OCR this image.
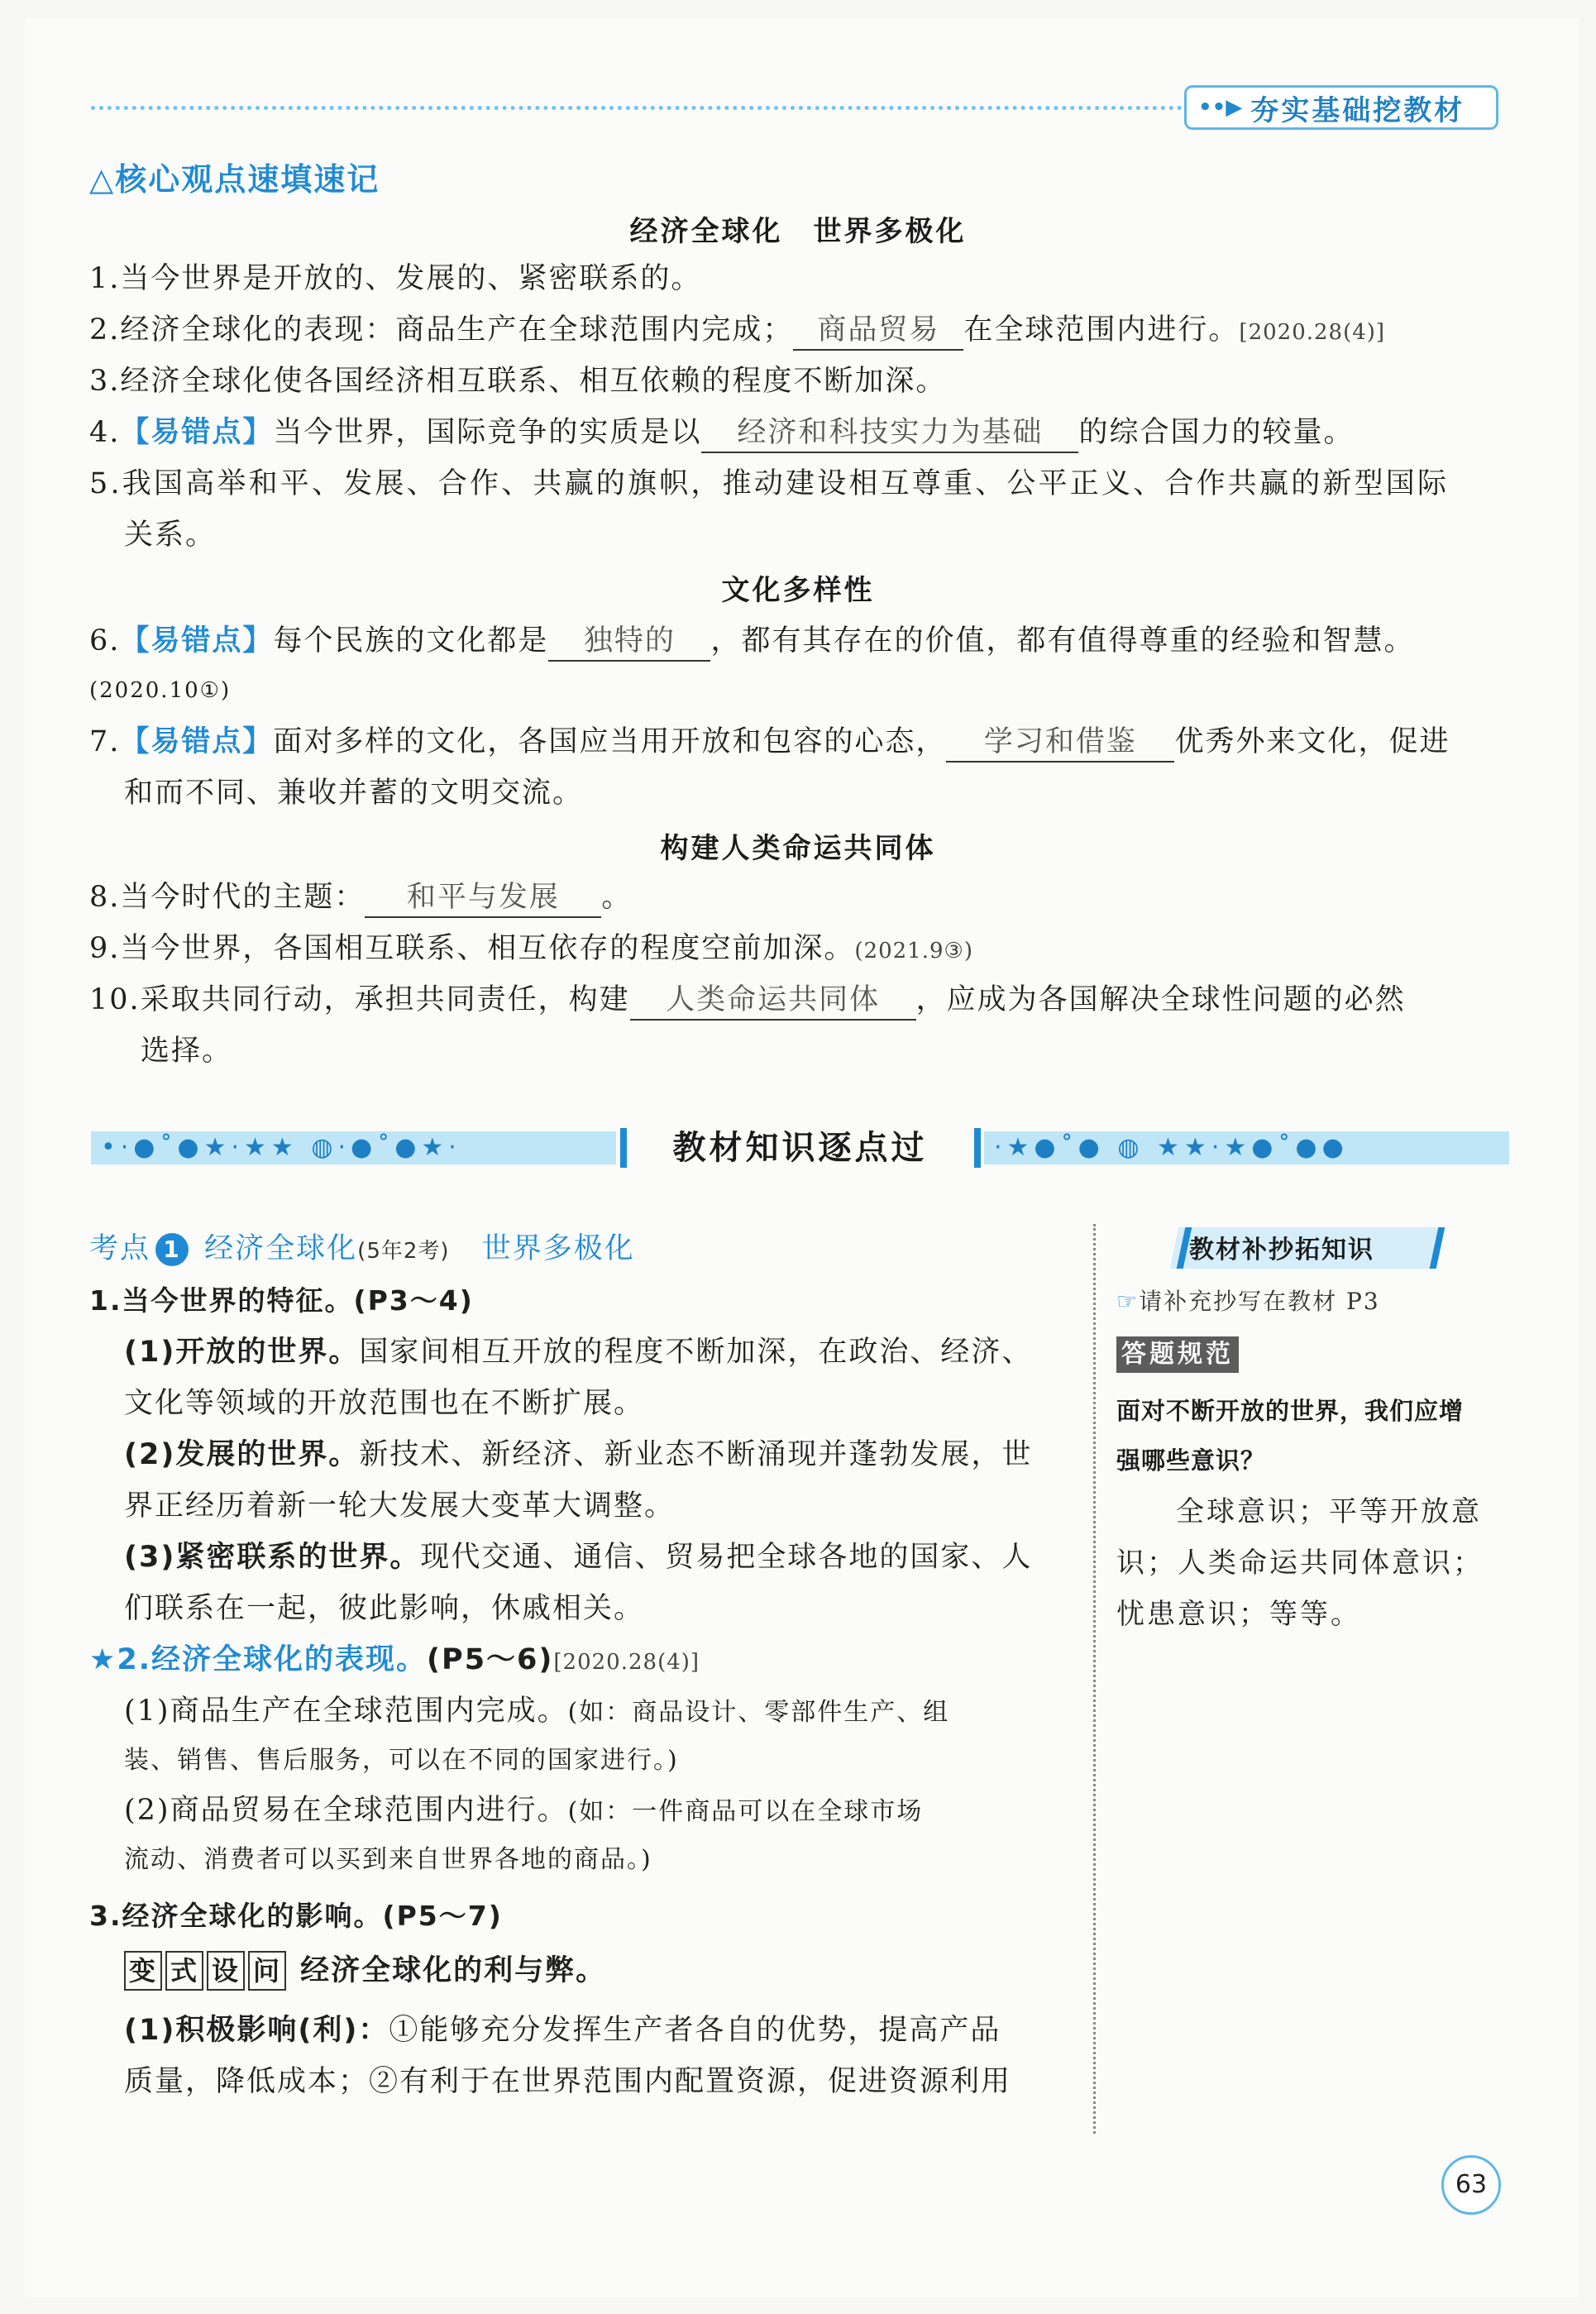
••▶ 夯实基础挖教材
△核心观点速填速记
经济全球化　世界多极化
1.当今世界是开放的、发展的、紧密联系的。
2.经济全球化的表现：商品生产在全球范围内完成； 商品贸易 在全球范围内进行。[2020.28(4)]
3.经济全球化使各国经济相互联系、相互依赖的程度不断加深。
4.【易错点】当今世界，国际竞争的实质是以 经济和科技实力为基础 的综合国力的较量。
5.我国高举和平、发展、合作、共赢的旗帜，推动建设相互尊重、公平正义、合作共赢的新型国际
关系。
文化多样性
6.【易错点】每个民族的文化都是 独特的 ，都有其存在的价值，都有值得尊重的经验和智慧。
(2020.10①)
7.【易错点】面对多样的文化，各国应当用开放和包容的心态， 学习和借鉴 优秀外来文化，促进
和而不同、兼收并蓄的文明交流。
构建人类命运共同体
8.当今时代的主题： 和平与发展 。
9.当今世界，各国相互联系、相互依存的程度空前加深。(2021.9③)
10.采取共同行动，承担共同责任，构建 人类命运共同体 ，应成为各国解决全球性问题的必然
选择。
•·●˚●★·★★ ◍·●˚●★·	教材知识逐点过	·★●˚● ◍ ★★·★●˚●●
考点 1 经济全球化(5年2考) 世界多极化
1.当今世界的特征。(P3～4)
(1)开放的世界。国家间相互开放的程度不断加深，在政治、经济、
文化等领域的开放范围也在不断扩展。
(2)发展的世界。新技术、新经济、新业态不断涌现并蓬勃发展，世
界正经历着新一轮大发展大变革大调整。
(3)紧密联系的世界。现代交通、通信、贸易把全球各地的国家、人
们联系在一起，彼此影响，休戚相关。
★2.经济全球化的表现。(P5～6)[2020.28(4)]
(1)商品生产在全球范围内完成。(如：商品设计、零部件生产、组
装、销售、售后服务，可以在不同的国家进行。)
(2)商品贸易在全球范围内进行。(如：一件商品可以在全球市场
流动、消费者可以买到来自世界各地的商品。)
3.经济全球化的影响。(P5～7)
变 式 设 问 经济全球化的利与弊。
(1)积极影响(利)：①能够充分发挥生产者各自的优势，提高产品
质量，降低成本；②有利于在世界范围内配置资源，促进资源利用
教材补抄拓知识
☞请补充抄写在教材 P3
答题规范
面对不断开放的世界，我们应增
强哪些意识？
全球意识；平等开放意
识；人类命运共同体意识；
忧患意识；等等。
63
